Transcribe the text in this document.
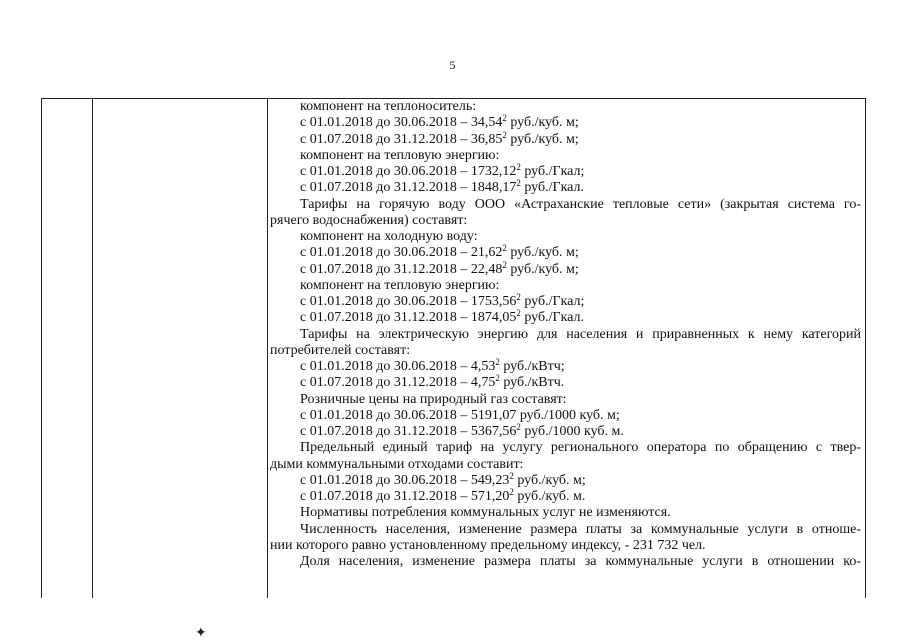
5
компонент на теплоноситель:
с 01.01.2018 до 30.06.2018 – 34,54$^2$ руб./куб. м;
с 01.07.2018 до 31.12.2018 – 36,85$^2$ руб./куб. м;
компонент на тепловую энергию:
с 01.01.2018 до 30.06.2018 – 1732,12$^2$ руб./Гкал;
с 01.07.2018 до 31.12.2018 – 1848,17$^2$ руб./Гкал.
Тарифы на горячую воду ООО «Астраханские тепловые сети» (закрытая система го-
рячего водоснабжения) составят:
компонент на холодную воду:
с 01.01.2018 до 30.06.2018 – 21,62$^2$ руб./куб. м;
с 01.07.2018 до 31.12.2018 – 22,48$^2$ руб./куб. м;
компонент на тепловую энергию:
с 01.01.2018 до 30.06.2018 – 1753,56$^2$ руб./Гкал;
с 01.07.2018 до 31.12.2018 – 1874,05$^2$ руб./Гкал.
Тарифы на электрическую энергию для населения и приравненных к нему категорий
потребителей составят:
с 01.01.2018 до 30.06.2018 – 4,53$^2$ руб./кВтч;
с 01.07.2018 до 31.12.2018 – 4,75$^2$ руб./кВтч.
Розничные цены на природный газ составят:
с 01.01.2018 до 30.06.2018 – 5191,07 руб./1000 куб. м;
с 01.07.2018 до 31.12.2018 – 5367,56$^2$ руб./1000 куб. м.
Предельный единый тариф на услугу регионального оператора по обращению с твер-
дыми коммунальными отходами составит:
с 01.01.2018 до 30.06.2018 – 549,23$^2$ руб./куб. м;
с 01.07.2018 до 31.12.2018 – 571,20$^2$ руб./куб. м.
Нормативы потребления коммунальных услуг не изменяются.
Численность населения, изменение размера платы за коммунальные услуги в отноше-
нии которого равно установленному предельному индексу, - 231 732 чел.
Доля населения, изменение размера платы за коммунальные услуги в отношении ко-
✦
